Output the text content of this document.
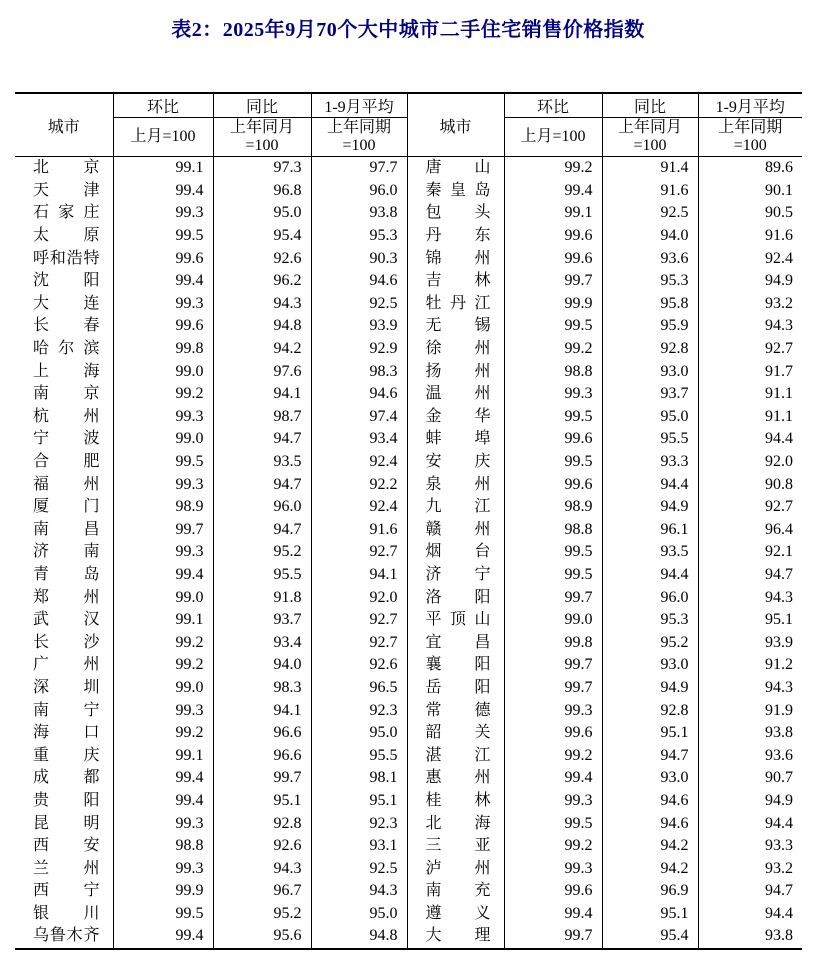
表2：2025年9月70个大中城市二手住宅销售价格指数
城市	环比	同比	1-9月平均	城市	环比	同比	1-9月平均
	上月=100	上年同月
=100	上年同期
=100		上月=100	上年同月
=100	上年同期
=100

北 京	99.1	97.3	97.7	唐 山	99.2	91.4	89.6

天 津	99.4	96.8	96.0	秦 皇 岛	99.4	91.6	90.1

石 家 庄	99.3	95.0	93.8	包 头	99.1	92.5	90.5

太 原	99.5	95.4	95.3	丹 东	99.6	94.0	91.6

呼 和 浩 特	99.6	92.6	90.3	锦 州	99.6	93.6	92.4

沈 阳	99.4	96.2	94.6	吉 林	99.7	95.3	94.9

大 连	99.3	94.3	92.5	牡 丹 江	99.9	95.8	93.2

长 春	99.6	94.8	93.9	无 锡	99.5	95.9	94.3

哈 尔 滨	99.8	94.2	92.9	徐 州	99.2	92.8	92.7

上 海	99.0	97.6	98.3	扬 州	98.8	93.0	91.7

南 京	99.2	94.1	94.6	温 州	99.3	93.7	91.1

杭 州	99.3	98.7	97.4	金 华	99.5	95.0	91.1

宁 波	99.0	94.7	93.4	蚌 埠	99.6	95.5	94.4

合 肥	99.5	93.5	92.4	安 庆	99.5	93.3	92.0

福 州	99.3	94.7	92.2	泉 州	99.6	94.4	90.8

厦 门	98.9	96.0	92.4	九 江	98.9	94.9	92.7

南 昌	99.7	94.7	91.6	赣 州	98.8	96.1	96.4

济 南	99.3	95.2	92.7	烟 台	99.5	93.5	92.1

青 岛	99.4	95.5	94.1	济 宁	99.5	94.4	94.7

郑 州	99.0	91.8	92.0	洛 阳	99.7	96.0	94.3

武 汉	99.1	93.7	92.7	平 顶 山	99.0	95.3	95.1

长 沙	99.2	93.4	92.7	宜 昌	99.8	95.2	93.9

广 州	99.2	94.0	92.6	襄 阳	99.7	93.0	91.2

深 圳	99.0	98.3	96.5	岳 阳	99.7	94.9	94.3

南 宁	99.3	94.1	92.3	常 德	99.3	92.8	91.9

海 口	99.2	96.6	95.0	韶 关	99.6	95.1	93.8

重 庆	99.1	96.6	95.5	湛 江	99.2	94.7	93.6

成 都	99.4	99.7	98.1	惠 州	99.4	93.0	90.7

贵 阳	99.4	95.1	95.1	桂 林	99.3	94.6	94.9

昆 明	99.3	92.8	92.3	北 海	99.5	94.6	94.4

西 安	98.8	92.6	93.1	三 亚	99.2	94.2	93.3

兰 州	99.3	94.3	92.5	泸 州	99.3	94.2	93.2

西 宁	99.9	96.7	94.3	南 充	99.6	96.9	94.7

银 川	99.5	95.2	95.0	遵 义	99.4	95.1	94.4

乌 鲁 木 齐	99.4	95.6	94.8	大 理	99.7	95.4	93.8
